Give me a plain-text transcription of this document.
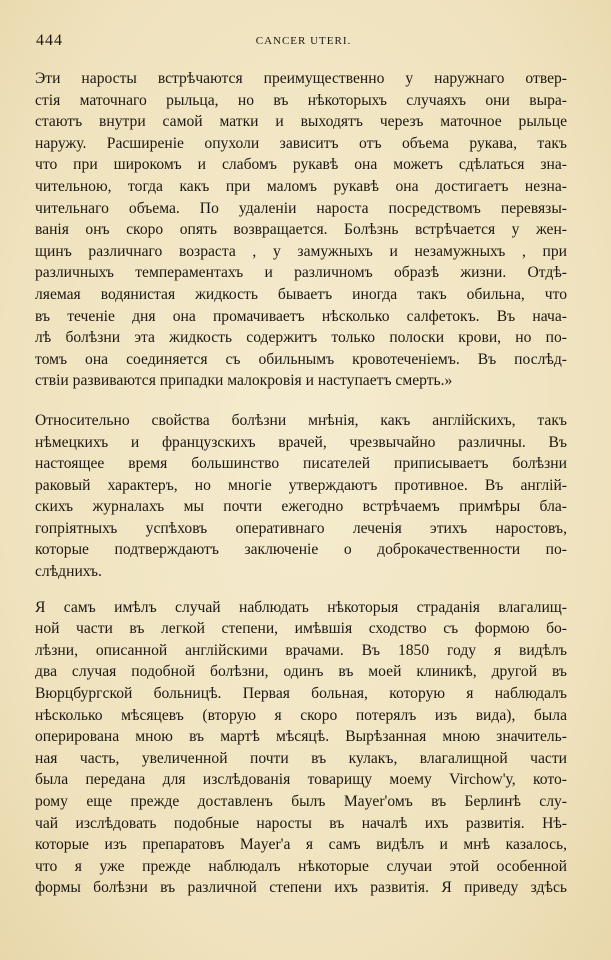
444	CANCER UTERI.
Эти наросты встрѣчаются преимущественно у наружнаго отвер-
стія маточнаго рыльца, но въ нѣкоторыхъ случаяхъ они выра-
стаютъ внутри самой матки и выходятъ черезъ маточное рыльце
наружу. Расширеніе опухоли зависитъ отъ объема рукава, такъ
что при широкомъ и слабомъ рукавѣ она можетъ сдѣлаться зна-
чительною, тогда какъ при маломъ рукавѣ она достигаетъ незна-
чительнаго объема. По удаленіи нароста посредствомъ перевязы-
ванія онъ скоро опять возвращается. Болѣзнь встрѣчается у жен-
щинъ различнаго возраста , у замужныхъ и незамужныхъ , при
различныхъ темпераментахъ и различномъ образѣ жизни. Отдѣ-
ляемая водянистая жидкость бываетъ иногда такъ обильна, что
въ теченіе дня она промачиваетъ нѣсколько салфетокъ. Въ нача-
лѣ болѣзни эта жидкость содержитъ только полоски крови, но по-
томъ она соединяется съ обильнымъ кровотеченіемъ. Въ послѣд-
ствіи развиваются припадки малокровія и наступаетъ смерть.»
Относительно свойства болѣзни мнѣнія, какъ англійскихъ, такъ
нѣмецкихъ и французскихъ врачей, чрезвычайно различны. Въ
настоящее время большинство писателей приписываетъ болѣзни
раковый характеръ, но многіе утверждаютъ противное. Въ англій-
скихъ журналахъ мы почти ежегодно встрѣчаемъ примѣры бла-
гопріятныхъ успѣховъ оперативнаго леченія этихъ наростовъ,
которые подтверждаютъ заключеніе о доброкачественности по-
слѣднихъ.
Я самъ имѣлъ случай наблюдать нѣкоторыя страданія влагалищ-
ной части въ легкой степени, имѣвшія сходство съ формою бо-
лѣзни, описанной англійскими врачами. Въ 1850 году я видѣлъ
два случая подобной болѣзни, одинъ въ моей клиникѣ, другой въ
Вюрцбургской больницѣ. Первая больная, которую я наблюдалъ
нѣсколько мѣсяцевъ (вторую я скоро потерялъ изъ вида), была
оперирована мною въ мартѣ мѣсяцѣ. Вырѣзанная мною значитель-
ная часть, увеличенной почти въ кулакъ, влагалищной части
была передана для изслѣдованія товарищу моему Virchow'у, кото-
рому еще прежде доставленъ былъ Mayer'омъ въ Берлинѣ слу-
чай изслѣдовать подобные наросты въ началѣ ихъ развитія. Нѣ-
которые изъ препаратовъ Mayer'а я самъ видѣлъ и мнѣ казалось,
что я уже прежде наблюдалъ нѣкоторые случаи этой особенной
формы болѣзни въ различной степени ихъ развитія. Я приведу здѣсь
